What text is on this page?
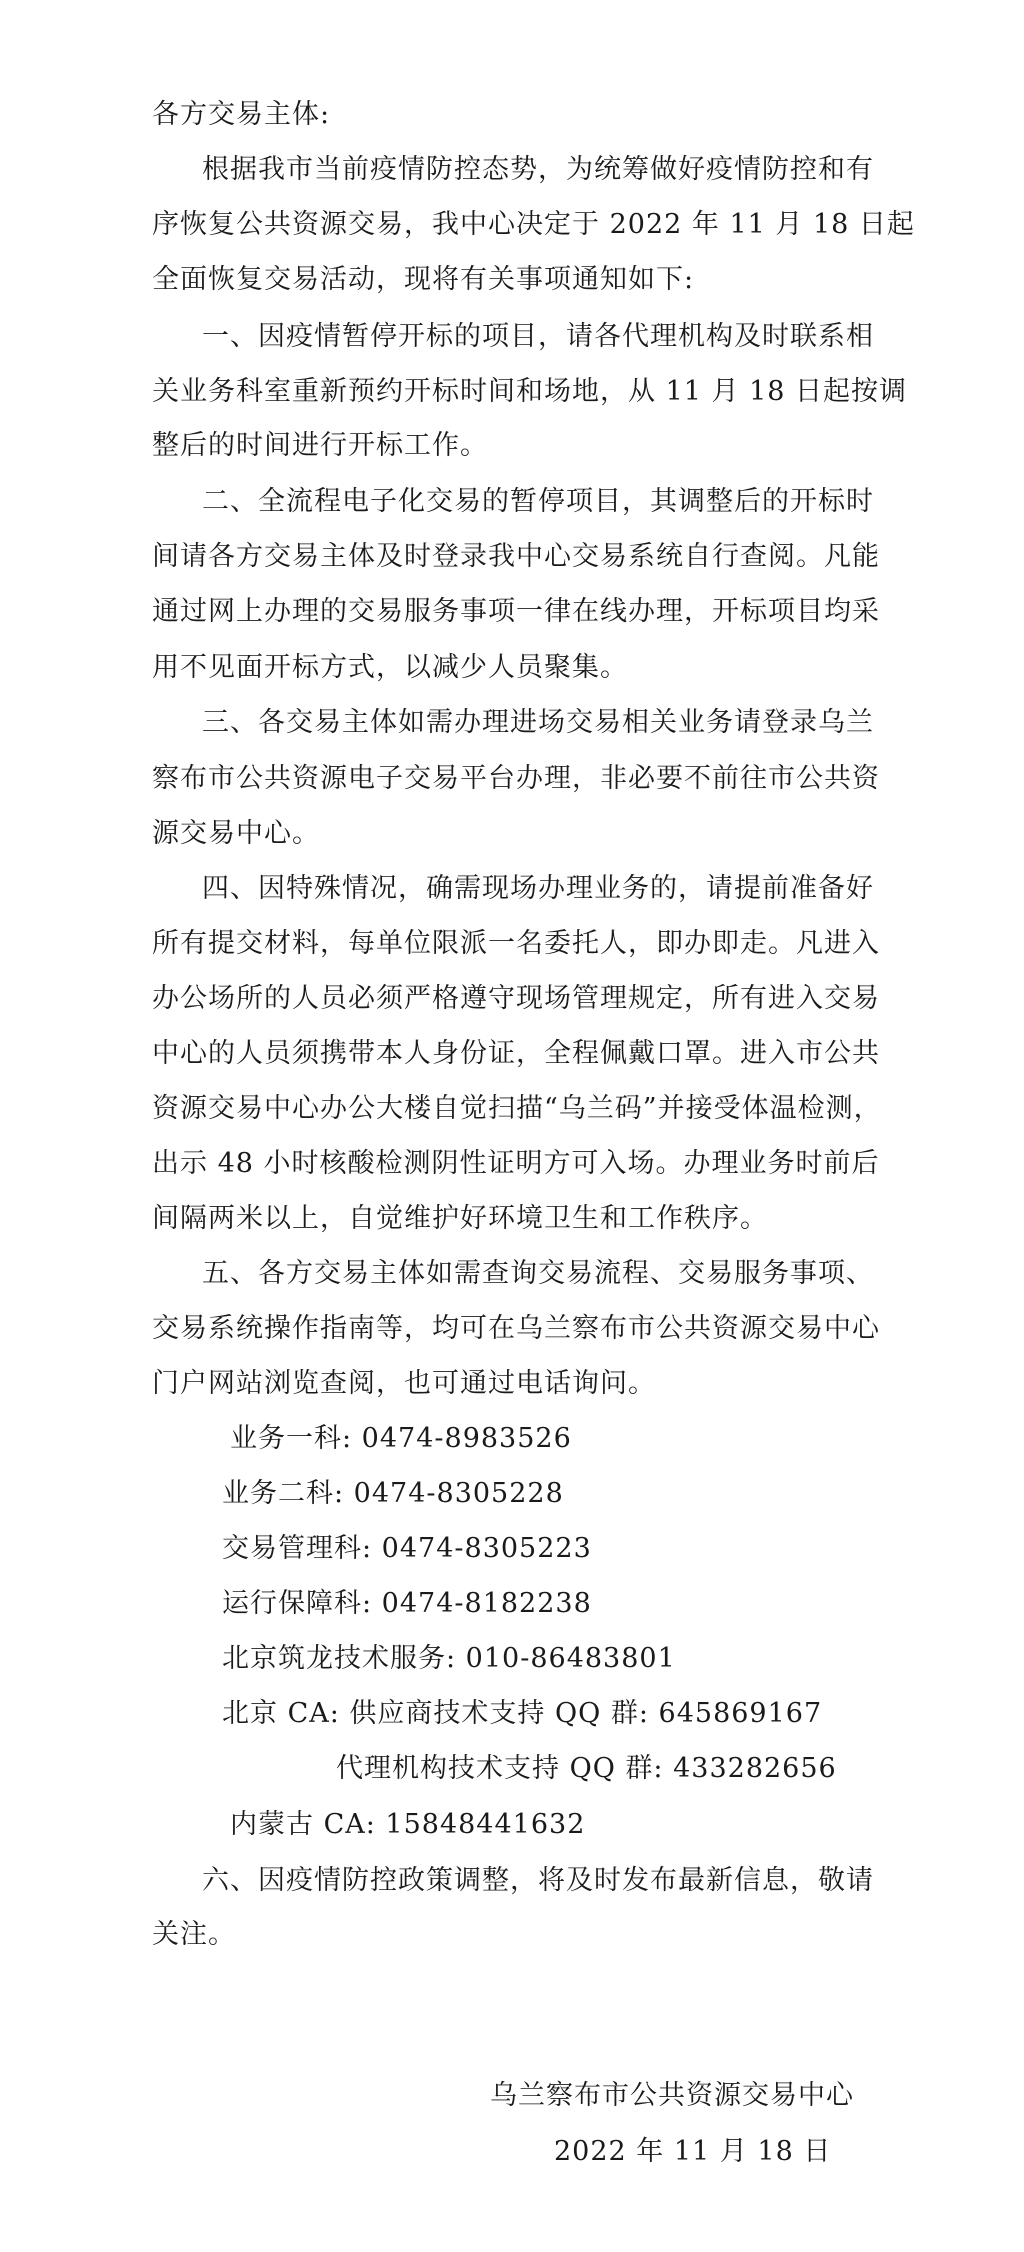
各方交易主体:
根据我市当前疫情防控态势，为统筹做好疫情防控和有
序恢复公共资源交易，我中心决定于 2022 年 11 月 18 日起
全面恢复交易活动，现将有关事项通知如下:
一、因疫情暂停开标的项目，请各代理机构及时联系相
关业务科室重新预约开标时间和场地，从 11 月 18 日起按调
整后的时间进行开标工作。
二、全流程电子化交易的暂停项目，其调整后的开标时
间请各方交易主体及时登录我中心交易系统自行查阅。凡能
通过网上办理的交易服务事项一律在线办理，开标项目均采
用不见面开标方式，以减少人员聚集。
三、各交易主体如需办理进场交易相关业务请登录乌兰
察布市公共资源电子交易平台办理，非必要不前往市公共资
源交易中心。
四、因特殊情况，确需现场办理业务的，请提前准备好
所有提交材料，每单位限派一名委托人，即办即走。凡进入
办公场所的人员必须严格遵守现场管理规定，所有进入交易
中心的人员须携带本人身份证，全程佩戴口罩。进入市公共
资源交易中心办公大楼自觉扫描“乌兰码”并接受体温检测，
出示 48 小时核酸检测阴性证明方可入场。办理业务时前后
间隔两米以上，自觉维护好环境卫生和工作秩序。
五、各方交易主体如需查询交易流程、交易服务事项、
交易系统操作指南等，均可在乌兰察布市公共资源交易中心
门户网站浏览查阅，也可通过电话询问。
业务一科: 0474-8983526
业务二科: 0474-8305228
交易管理科: 0474-8305223
运行保障科: 0474-8182238
北京筑龙技术服务: 010-86483801
北京 CA: 供应商技术支持 QQ 群: 645869167
代理机构技术支持 QQ 群: 433282656
内蒙古 CA: 15848441632
六、因疫情防控政策调整，将及时发布最新信息，敬请
关注。
乌兰察布市公共资源交易中心
2022 年 11 月 18 日
